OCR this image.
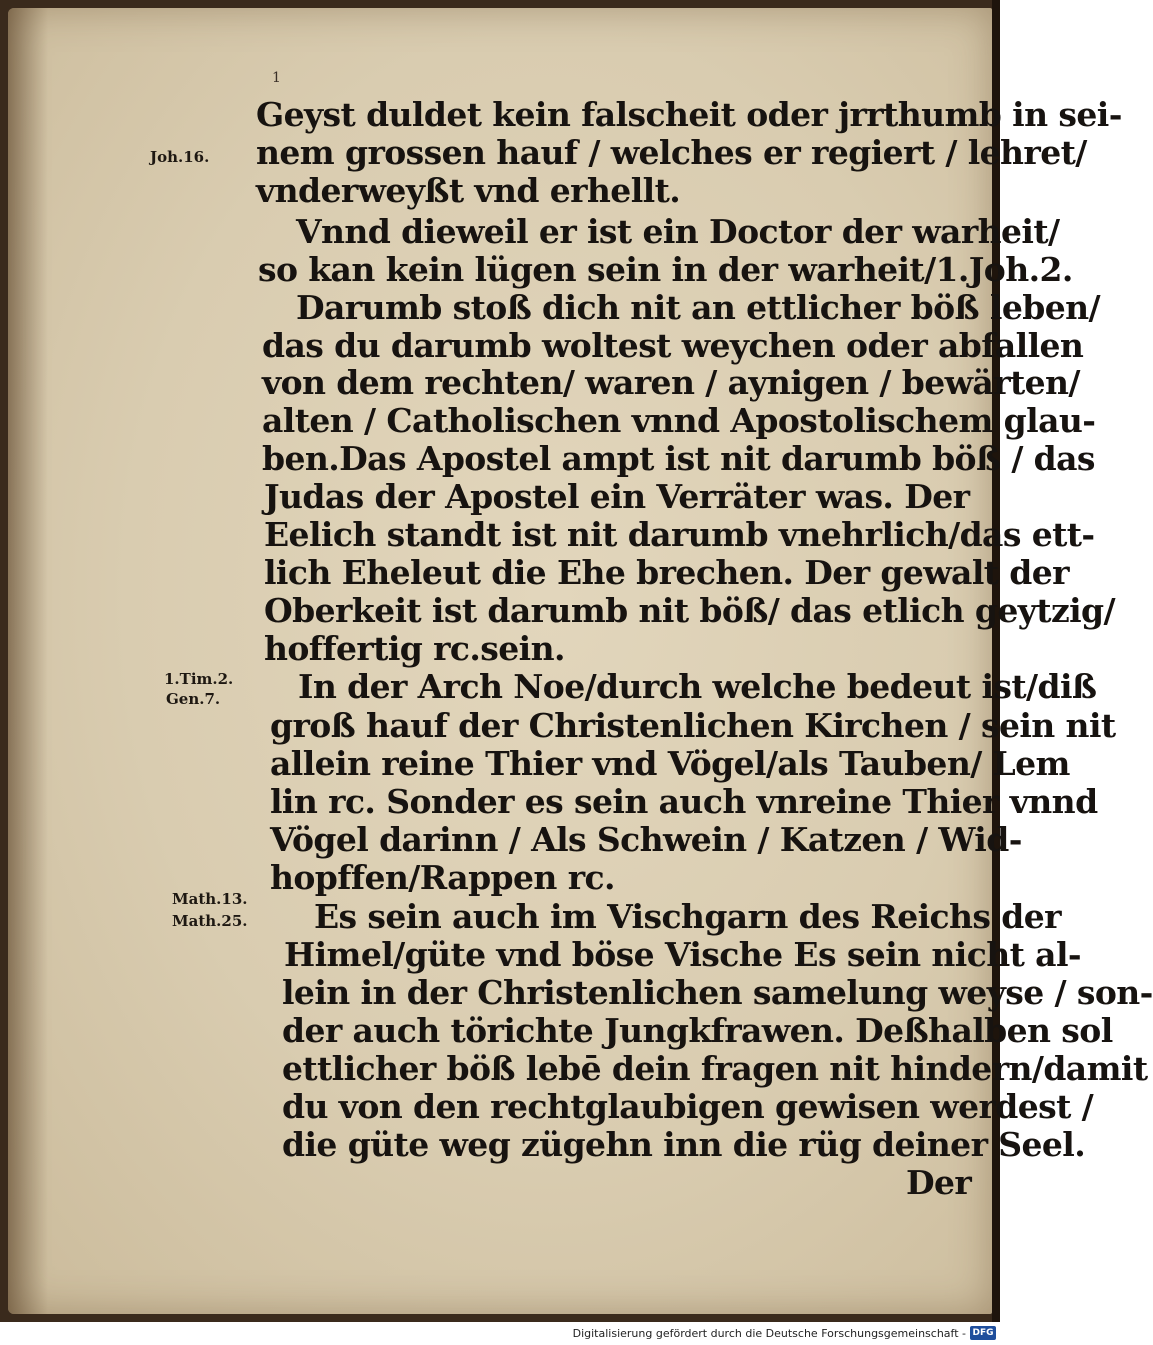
1
Geyst duldet kein falscheit oder jrrthumb in sei-
nem grossen hauf / welches er regiert / lehret/
vnderweyßt vnd erhellt.
Vnnd dieweil er ist ein Doctor der warheit/
so kan kein lügen sein in der warheit/1.Joh.2.
Darumb stoß dich nit an ettlicher böß leben/
das du darumb woltest weychen oder abfallen
von dem rechten/ waren / aynigen / bewärten/
alten / Catholischen vnnd Apostolischem glau-
ben.Das Apostel ampt ist nit darumb böß / das
Judas der Apostel ein Verräter was. Der
Eelich standt ist nit darumb vnehrlich/das ett-
lich Eheleut die Ehe brechen. Der gewalt der
Oberkeit ist darumb nit böß/ das etlich geytzig/
hoffertig rc.sein.
In der Arch Noe/durch welche bedeut ist/diß
groß hauf der Christenlichen Kirchen / sein nit
allein reine Thier vnd Vögel/als Tauben/ Lem
lin rc. Sonder es sein auch vnreine Thier vnnd
Vögel darinn / Als Schwein / Katzen / Wid-
hopffen/Rappen rc.
Es sein auch im Vischgarn des Reichs der
Himel/güte vnd böse Vische Es sein nicht al-
lein in der Christenlichen samelung weyse / son-
der auch törichte Jungkfrawen. Deßhalben sol
ettlicher böß lebē dein fragen nit hindern/damit
du von den rechtglaubigen gewisen werdest /
die güte weg zügehn inn die rüg deiner Seel.
Der
Joh.16.
1.Tim.2.
Gen.7.
Math.13.
Math.25.
Digitalisierung gefördert durch die Deutsche Forschungsgemeinschaft - DFG
